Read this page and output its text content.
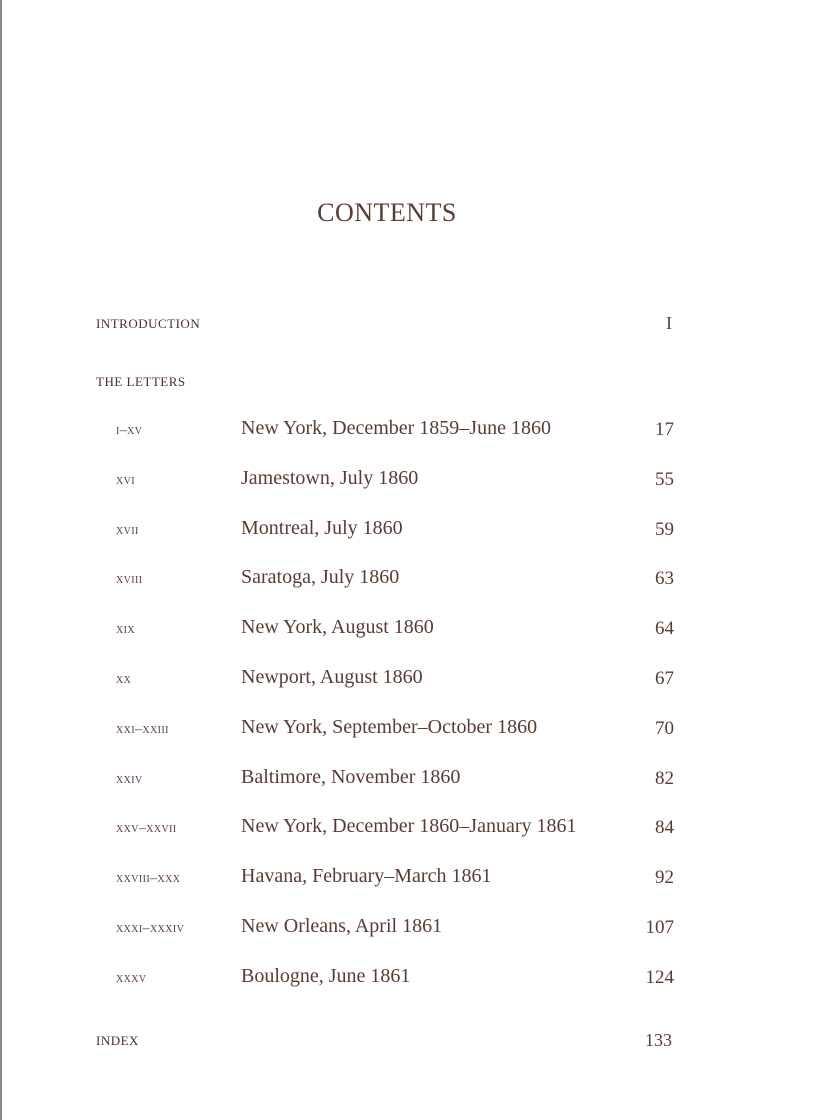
CONTENTS
INTRODUCTION	I
THE LETTERS
i–xv	New York, December 1859–June 1860	17
xvi	Jamestown, July 1860	55
xvii	Montreal, July 1860	59
xviii	Saratoga, July 1860	63
xix	New York, August 1860	64
xx	Newport, August 1860	67
xxi–xxiii	New York, September–October 1860	70
xxiv	Baltimore, November 1860	82
xxv–xxvii	New York, December 1860–January 1861	84
xxviii–xxx	Havana, February–March 1861	92
xxxi–xxxiv	New Orleans, April 1861	107
xxxv	Boulogne, June 1861	124
INDEX	133
